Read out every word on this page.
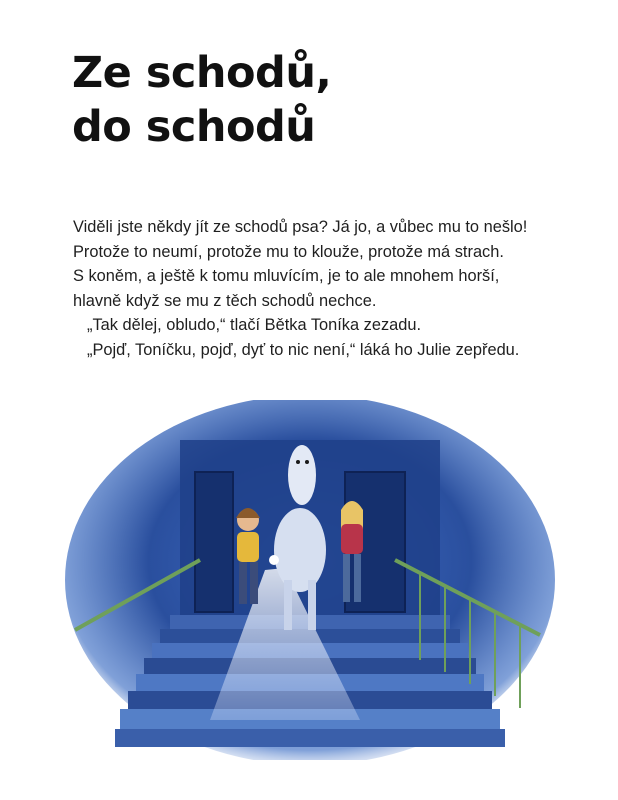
Ze schodů,
do schodů

Viděli jste někdy jít ze schodů psa? Já jo, a vůbec mu to nešlo!

Protože to neumí, protože mu to klouže, protože má strach.

S koněm, a ještě k tomu mluvícím, je to ale mnohem horší,

hlavně když se mu z těch schodů nechce.

„Tak dělej, obludo,“ tlačí Bětka Toníka zezadu.

„Pojď, Toníčku, pojď, dyť to nic není,“ láká ho Julie zepředu.
